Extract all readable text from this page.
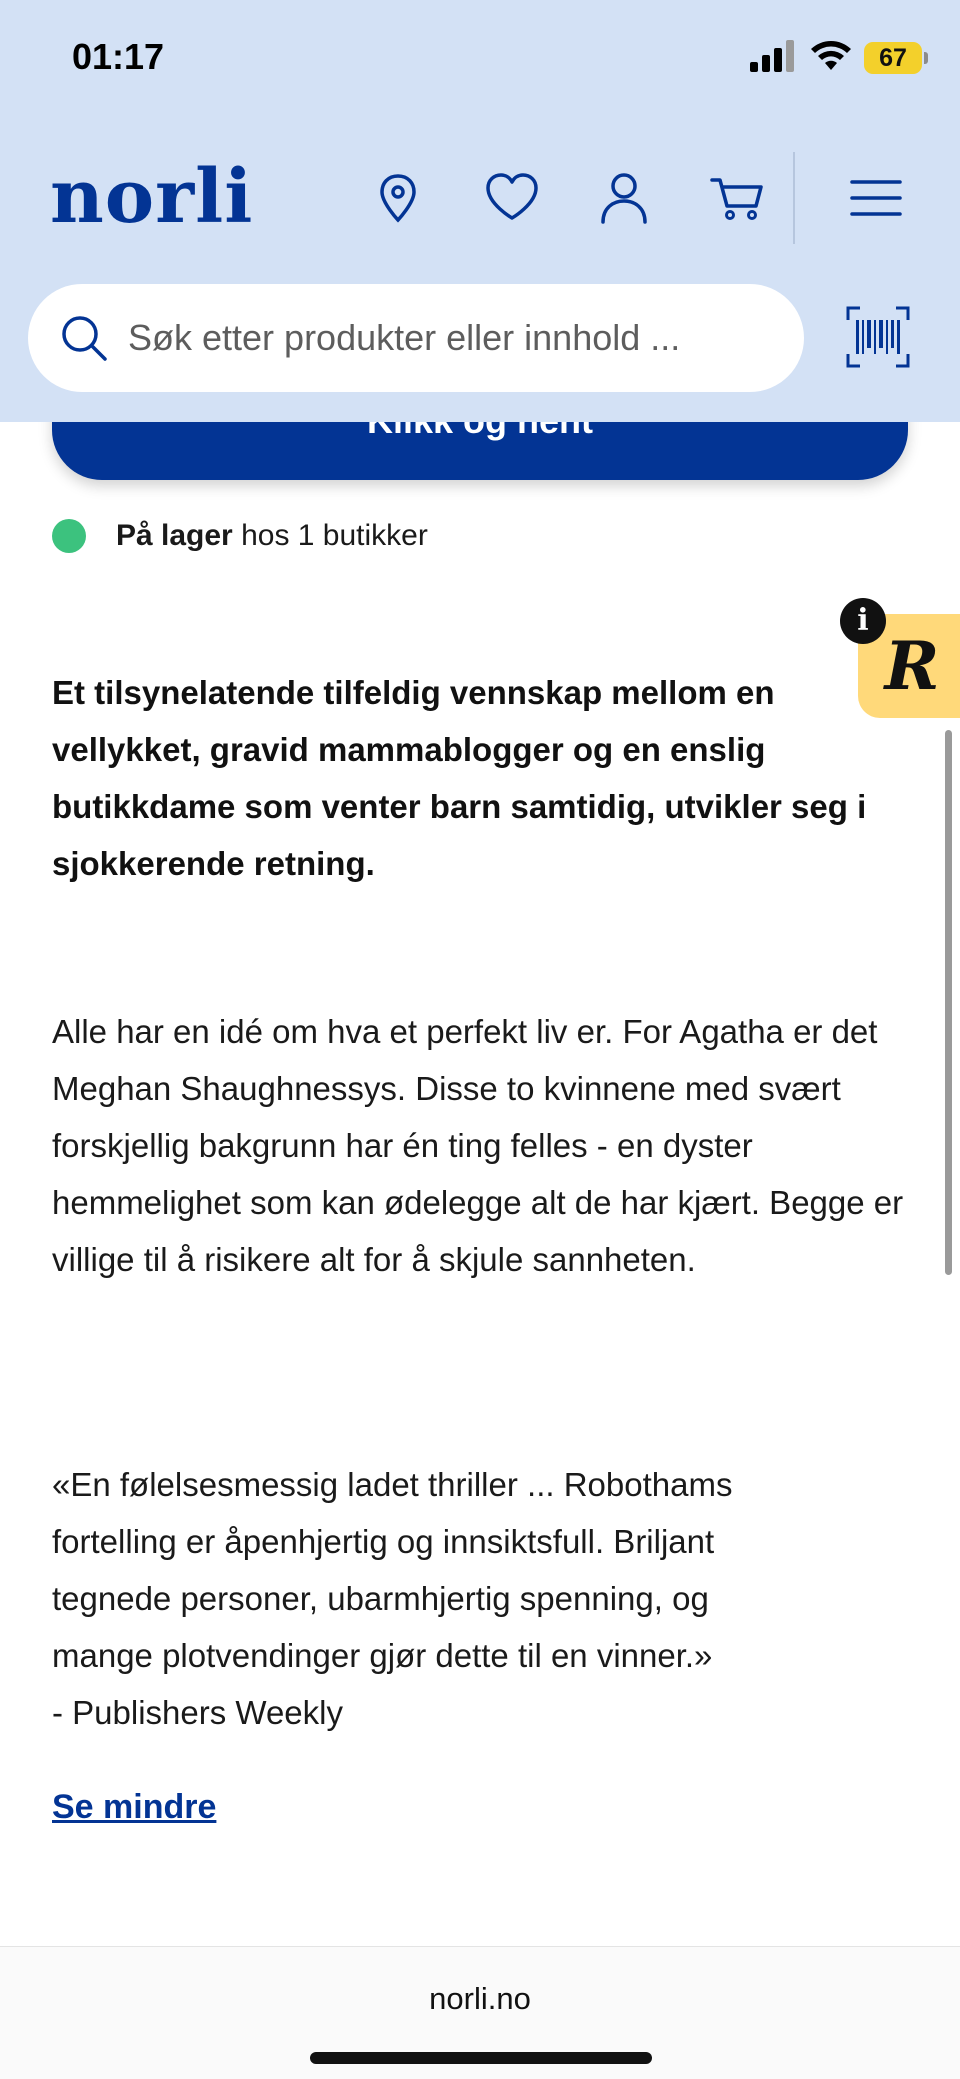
På lager hos 1 butikker

Et tilsynelatende tilfeldig vennskap mellom en vellykket, gravid mammablogger og en enslig butikkdame som venter barn samtidig, utvikler seg i sjokkerende retning.

Alle har en idé om hva et perfekt liv er. For Agatha er det Meghan Shaughnessys. Disse to kvinnene med svært forskjellig bakgrunn har én ting felles - en dyster hemmelighet som kan ødelegge alt de har kjært. Begge er villige til å risikere alt for å skjule sannheten.

«En følelsesmessig ladet thriller ... Robothams
fortelling er åpenhjertig og innsiktsfull. Briljant
tegnede personer, ubarmhjertig spenning, og
mange plotvendinger gjør dette til en vinner.»
- Publishers Weekly

Se mindre
R
i
01:17	67
norli
Søk etter produkter eller innhold ...
norli.no
